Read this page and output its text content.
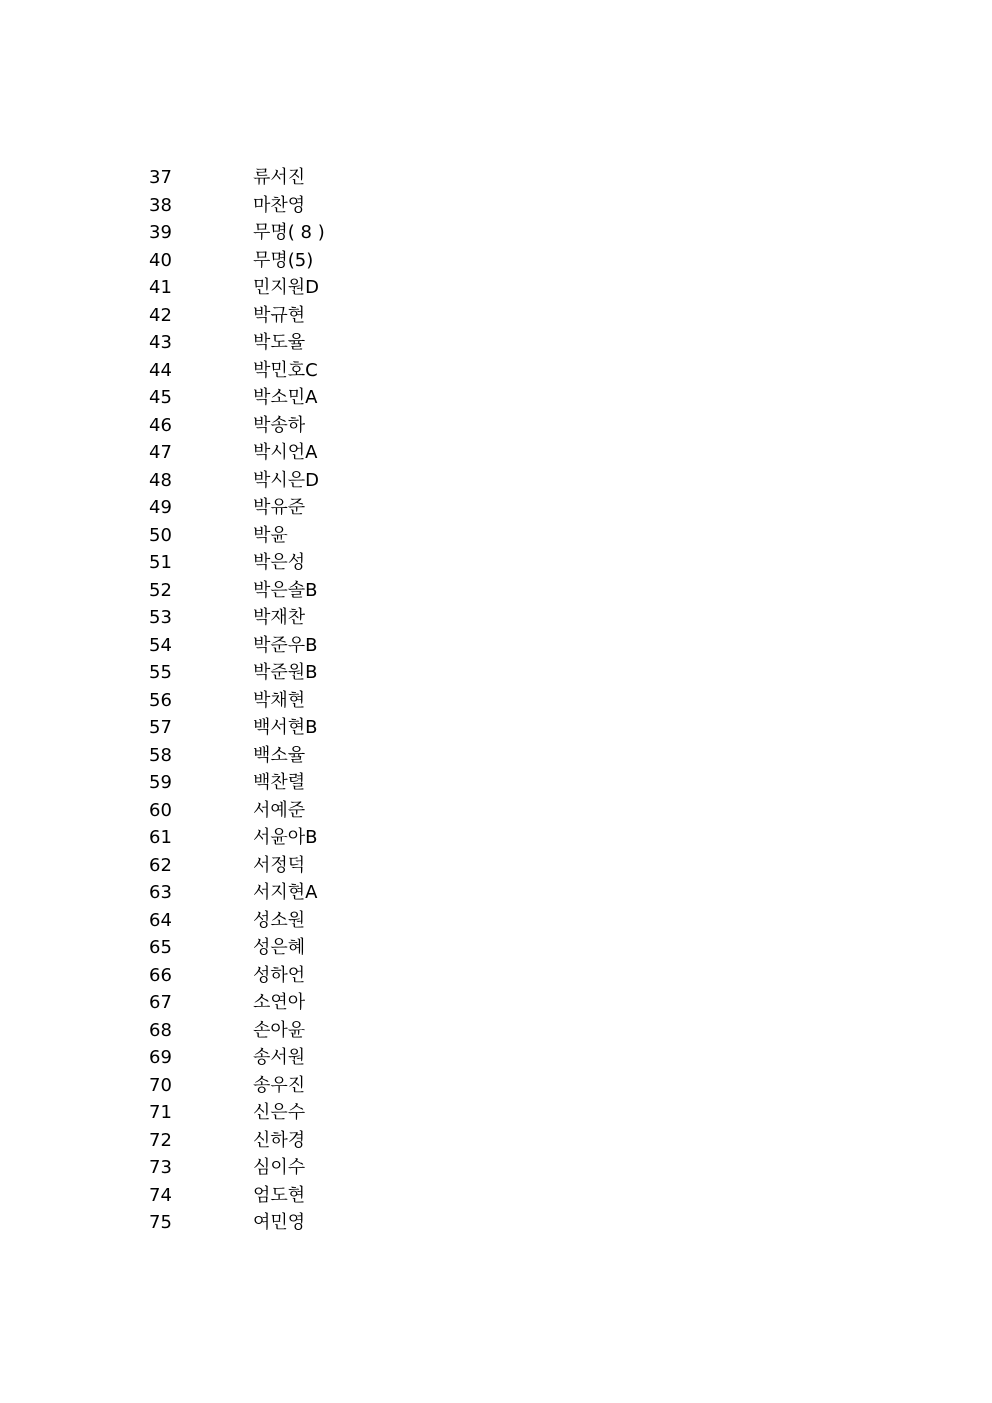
37	류서진
38	마찬영
39	무명( 8 )
40	무명(5)
41	민지원D
42	박규현
43	박도율
44	박민호C
45	박소민A
46	박송하
47	박시언A
48	박시은D
49	박유준
50	박윤
51	박은성
52	박은솔B
53	박재찬
54	박준우B
55	박준원B
56	박채현
57	백서현B
58	백소율
59	백찬렬
60	서예준
61	서윤아B
62	서정덕
63	서지현A
64	성소원
65	성은혜
66	성하언
67	소연아
68	손아윤
69	송서원
70	송우진
71	신은수
72	신하경
73	심이수
74	엄도현
75	여민영
